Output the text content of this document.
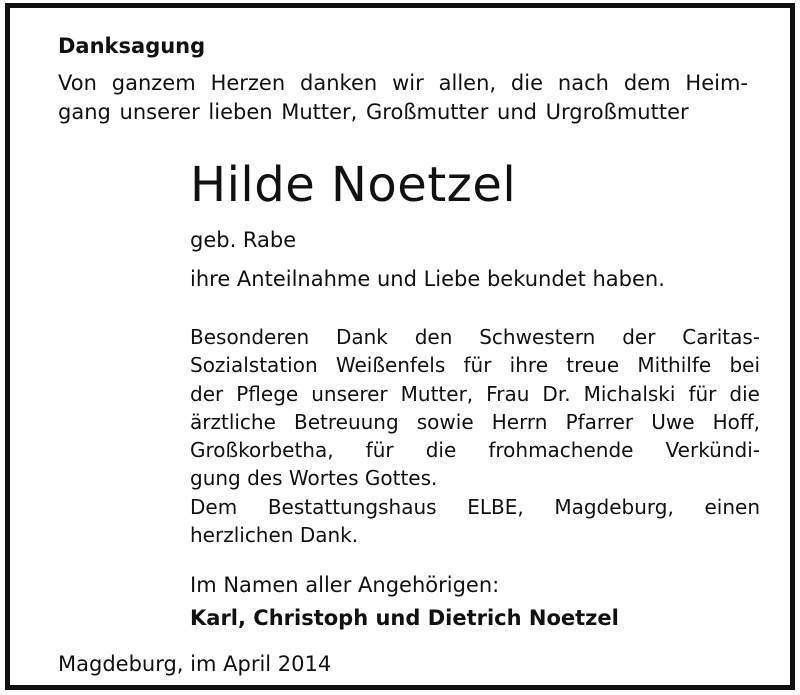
Danksagung
Von ganzem Herzen danken wir allen, die nach dem Heim-
gang unserer lieben Mutter, Großmutter und Urgroßmutter
Hilde Noetzel
geb. Rabe
ihre Anteilnahme und Liebe bekundet haben.
Besonderen Dank den Schwestern der Caritas-
Sozialstation Weißenfels für ihre treue Mithilfe bei
der Pflege unserer Mutter, Frau Dr. Michalski für die
ärztliche Betreuung sowie Herrn Pfarrer Uwe Hoff,
Großkorbetha, für die frohmachende Verkündi-
gung des Wortes Gottes.
Dem Bestattungshaus ELBE, Magdeburg, einen
herzlichen Dank.
Im Namen aller Angehörigen:
Karl, Christoph und Dietrich Noetzel
Magdeburg, im April 2014
